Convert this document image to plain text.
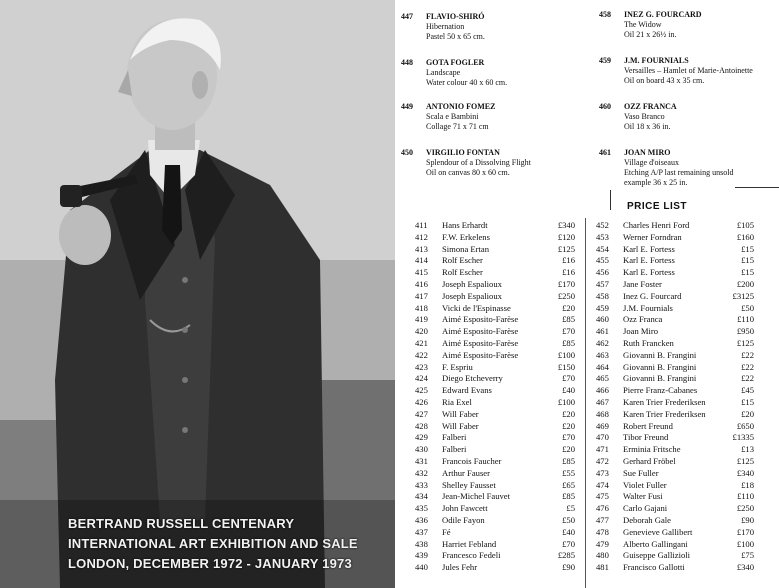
BERTRAND RUSSELL CENTENARY
INTERNATIONAL ART EXHIBITION AND SALE
LONDON, DECEMBER 1972 - JANUARY 1973
447	FLAVIO-SHIRÓ
Hibernation
Pastel 50 x 65 cm.
448	GOTA FOGLER
Landscape
Water colour 40 x 60 cm.
449	ANTONIO FOMEZ
Scala e Bambini
Collage 71 x 71 cm
450	VIRGILIO FONTAN
Splendour of a Dissolving Flight
Oil on canvas 80 x 60 cm.
458	INEZ G. FOURCARD
The Widow
Oil 21 x 26½ in.
459	J.M. FOURNIALS
Versailles – Hamlet of Marie-Antoinette
Oil on board 43 x 35 cm.
460	OZZ FRANCA
Vaso Branco
Oil 18 x 36 in.
461	JOAN MIRO
Village d'oiseaux
Etching A/P last remaining unsold
example 36 x 25 in.
PRICE LIST
411 Hans Erhardt	£340
412 F.W. Erkelens	£120
413 Simona Ertan	£125
414 Rolf Escher	£16
415 Rolf Escher	£16
416 Joseph Espalioux	£170
417 Joseph Espalioux	£250
418 Vicki de l'Espinasse	£20
419 Aimé Esposito-Farèse	£85
420 Aimé Esposito-Farèse	£70
421 Aimé Esposito-Farèse	£85
422 Aimé Esposito-Farèse	£100
423 F. Espriu	£150
424 Diego Etcheverry	£70
425 Edward Evans	£40
426 Ria Exel	£100
427 Will Faber	£20
428 Will Faber	£20
429 Falberi	£70
430 Falberi	£20
431 Francois Faucher	£85
432 Arthur Fauser	£55
433 Shelley Fausset	£65
434 Jean-Michel Fauvet	£85
435 John Fawcett	£5
436 Odile Fayon	£50
437 Fé	£40
438 Harriet Febland	£70
439 Francesco Fedeli	£285
440 Jules Fehr	£90
452 Charles Henri Ford	£105
453 Werner Forndran	£160
454 Karl E. Fortess	£15
455 Karl E. Fortess	£15
456 Karl E. Fortess	£15
457 Jane Foster	£200
458 Inez G. Fourcard	£3125
459 J.M. Fournials	£50
460 Ozz Franca	£110
461 Joan Miro	£950
462 Ruth Francken	£125
463 Giovanni B. Frangini	£22
464 Giovanni B. Frangini	£22
465 Giovanni B. Frangini	£22
466 Pierre Franz-Cabanes	£45
467 Karen Trier Frederiksen	£15
468 Karen Trier Frederiksen	£20
469 Robert Freund	£650
470 Tibor Freund	£1335
471 Erminia Fritsche	£13
472 Gerhard Fröbel	£125
473 Sue Fuller	£340
474 Violet Fuller	£18
475 Walter Fusi	£110
476 Carlo Gajani	£250
477 Deborah Gale	£90
478 Genevieve Gallibert	£170
479 Alberto Gallingani	£100
480 Guiseppe Gallizioli	£75
481 Francisco Gallotti	£340
